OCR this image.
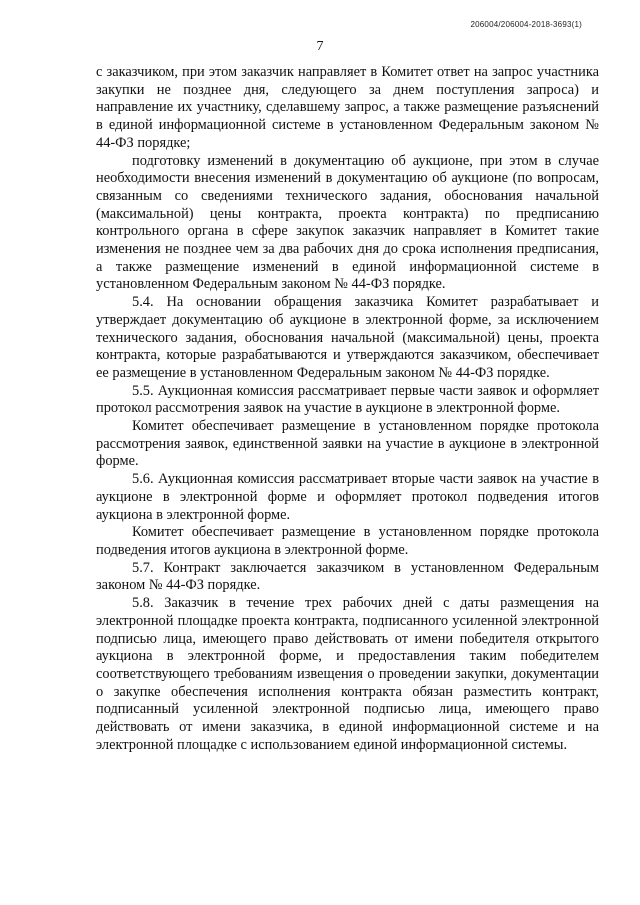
206004/206004-2018-3693(1)
7

с заказчиком, при этом заказчик направляет в Комитет ответ на запрос участника закупки не позднее дня, следующего за днем поступления запроса) и направление их участнику, сделавшему запрос, а также размещение разъяснений в единой информационной системе в установленном Федеральным законом № 44-ФЗ порядке;

подготовку изменений в документацию об аукционе, при этом в случае необходимости внесения изменений в документацию об аукционе (по вопросам, связанным со сведениями технического задания, обоснования начальной (максимальной) цены контракта, проекта контракта) по предписанию контрольного органа в сфере закупок заказчик направляет в Комитет такие изменения не позднее чем за два рабочих дня до срока исполнения предписания, а также размещение изменений в единой информационной системе в установленном Федеральным законом № 44-ФЗ порядке.

5.4. На основании обращения заказчика Комитет разрабатывает и утверждает документацию об аукционе в электронной форме, за исключением технического задания, обоснования начальной (максимальной) цены, проекта контракта, которые разрабатываются и утверждаются заказчиком, обеспечивает ее размещение в установленном Федеральным законом № 44-ФЗ порядке.

5.5. Аукционная комиссия рассматривает первые части заявок и оформляет протокол рассмотрения заявок на участие в аукционе в электронной форме.

Комитет обеспечивает размещение в установленном порядке протокола рассмотрения заявок, единственной заявки на участие в аукционе в электронной форме.

5.6. Аукционная комиссия рассматривает вторые части заявок на участие в аукционе в электронной форме и оформляет протокол подведения итогов аукциона в электронной форме.

Комитет обеспечивает размещение в установленном порядке протокола подведения итогов аукциона в электронной форме.

5.7. Контракт заключается заказчиком в установленном Федеральным законом № 44-ФЗ порядке.

5.8. Заказчик в течение трех рабочих дней с даты размещения на электронной площадке проекта контракта, подписанного усиленной электронной подписью лица, имеющего право действовать от имени победителя открытого аукциона в электронной форме, и предоставления таким победителем соответствующего требованиям извещения о проведении закупки, документации о закупке обеспечения исполнения контракта обязан разместить контракт, подписанный усиленной электронной подписью лица, имеющего право действовать от имени заказчика, в единой информационной системе и на электронной площадке с использованием единой информационной системы.
